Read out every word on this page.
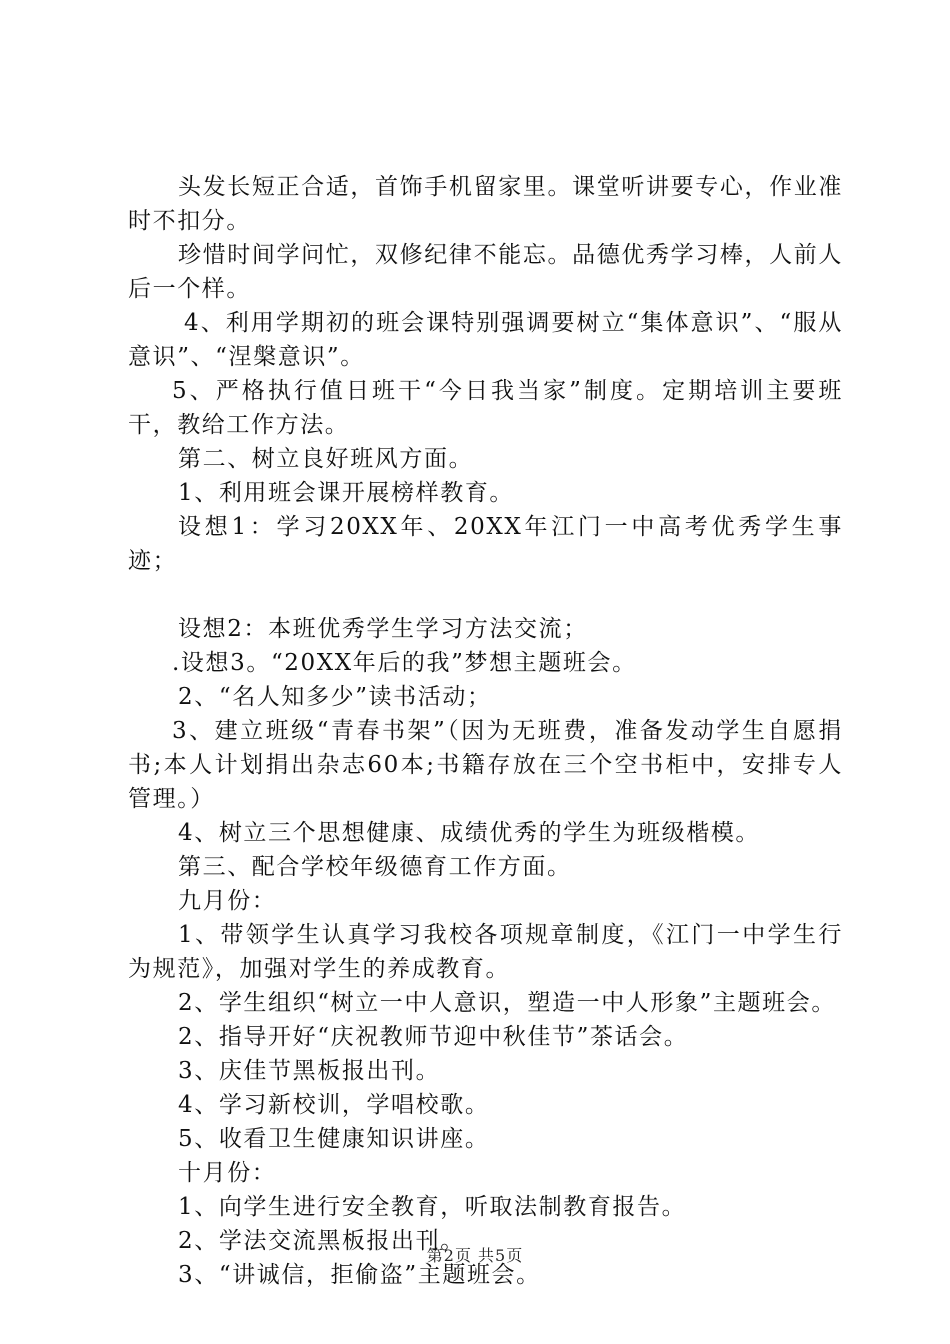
头发长短正合适，首饰手机留家里。课堂听讲要专心，作业准时不扣分。

珍惜时间学问忙，双修纪律不能忘。品德优秀学习棒，人前人后一个样。

4、利用学期初的班会课特别强调要树立“集体意识”、“服从意识”、“涅槃意识”。

5、严格执行值日班干“今日我当家”制度。定期培训主要班干，教给工作方法。

第二、树立良好班风方面。

1、利用班会课开展榜样教育。

设想1：学习20XX年、20XX年江门一中高考优秀学生事迹；

设想2：本班优秀学生学习方法交流；

.设想3。“20XX年后的我”梦想主题班会。

2、“名人知多少”读书活动；

3、建立班级“青春书架”（因为无班费，准备发动学生自愿捐书;本人计划捐出杂志60本;书籍存放在三个空书柜中，安排专人管理。）

4、树立三个思想健康、成绩优秀的学生为班级楷模。

第三、配合学校年级德育工作方面。

九月份：

1、带领学生认真学习我校各项规章制度，《江门一中学生行为规范》，加强对学生的养成教育。

2、学生组织“树立一中人意识，塑造一中人形象”主题班会。

2、指导开好“庆祝教师节迎中秋佳节”茶话会。

3、庆佳节黑板报出刊。

4、学习新校训，学唱校歌。

5、收看卫生健康知识讲座。

十月份：

1、向学生进行安全教育，听取法制教育报告。

2、学法交流黑板报出刊。

3、“讲诚信，拒偷盗”主题班会。

第2页 共5页
